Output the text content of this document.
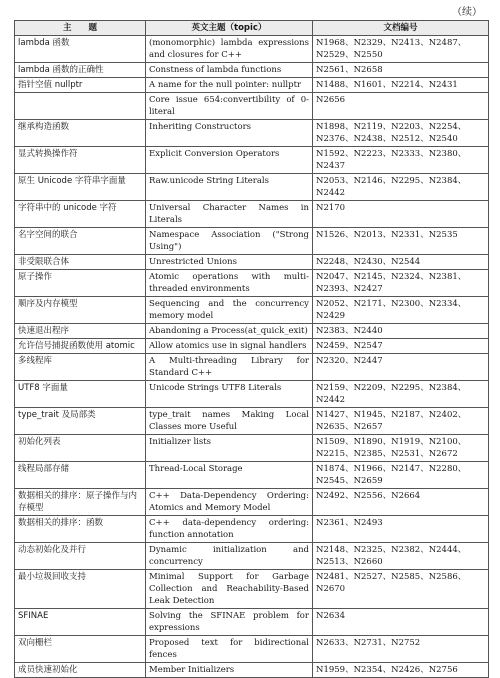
（续）
主　　题	英文主题（topic）	文档编号
lambda 函数	(monomorphic) lambda expressions and closures for C++	N1968、N2329、N2413、N2487、N2529、N2550
lambda 函数的正确性	Constness of lambda functions	N2561、N2658
指针空值 nullptr	A name for the null pointer: nullptr	N1488、N1601、N2214、N2431
	Core issue 654:convertibility of 0-literal	N2656
继承构造函数	Inheriting Constructors	N1898、N2119、N2203、N2254、N2376、N2438、N2512、N2540
显式转换操作符	Explicit Conversion Operators	N1592、N2223、N2333、N2380、N2437
原生 Unicode 字符串字面量	Raw.unicode String Literals	N2053、N2146、N2295、N2384、N2442
字符串中的 unicode 字符	Universal Character Names in Literals	N2170
名字空间的联合	Namespace Association ("Strong Using")	N1526、N2013、N2331、N2535
非受限联合体	Unrestricted Unions	N2248、N2430、N2544
原子操作	Atomic operations with multi-threaded environments	N2047、N2145、N2324、N2381、N2393、N2427
顺序及内存模型	Sequencing and the concurrency memory model	N2052、N2171、N2300、N2334、N2429
快速退出程序	Abandoning a Process(at_quick_exit)	N2383、N2440
允许信号捕捉函数使用 atomic	Allow atomics use in signal handlers	N2459、N2547
多线程库	A Multi-threading Library for Standard C++	N2320、N2447
UTF8 字面量	Unicode Strings UTF8 Literals	N2159、N2209、N2295、N2384、N2442
type_trait 及局部类	type_trait names Making Local Classes more Useful	N1427、N1945、N2187、N2402、N2635、N2657
初始化列表	Initializer lists	N1509、N1890、N1919、N2100、N2215、N2385、N2531、N2672
线程局部存储	Thread-Local Storage	N1874、N1966、N2147、N2280、N2545、N2659
数据相关的排序：原子操作与内存模型	C++ Data-Dependency Ordering: Atomics and Memory Model	N2492、N2556、N2664
数据相关的排序：函数	C++ data-dependency ordering: function annotation	N2361、N2493
动态初始化及并行	Dynamic initialization and concurrency	N2148、N2325、N2382、N2444、N2513、N2660
最小垃圾回收支持	Minimal Support for Garbage Collection and Reachability-Based Leak Detection	N2481、N2527、N2585、N2586、N2670
SFINAE	Solving the SFINAE problem for expressions	N2634
双向栅栏	Proposed text for bidirectional fences	N2633、N2731、N2752
成员快速初始化	Member Initializers	N1959、N2354、N2426、N2756
